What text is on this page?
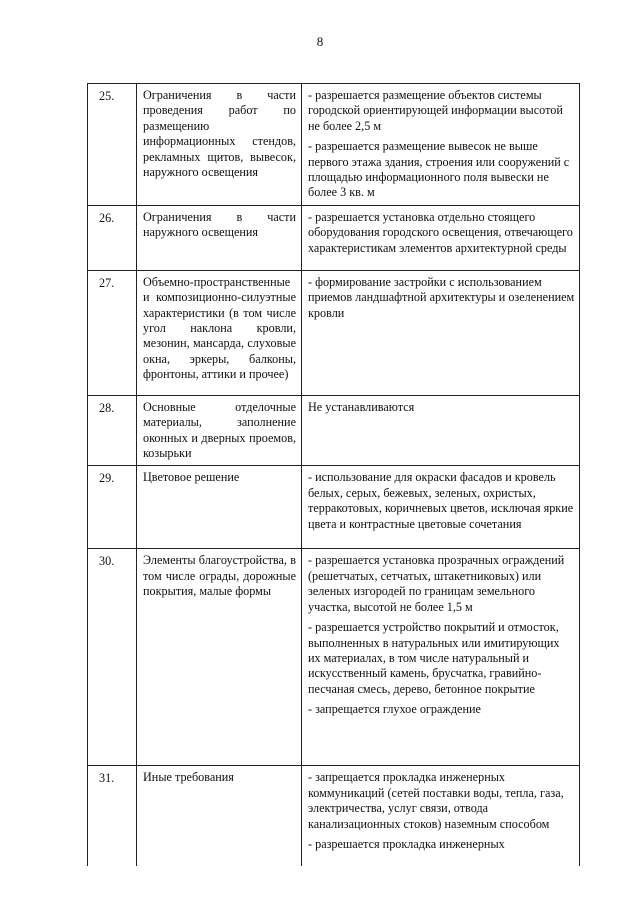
8
25.	Ограничения в части проведения работ по размещению информационных стендов, рекламных щитов, вывесок, наружного освещения	- разрешается размещение объектов системы городской ориентирующей информации высотой не более 2,5 м
- разрешается размещение вывесок не выше первого этажа здания, строения или сооружений с площадью информационного поля вывески не более 3 кв. м

26.	Ограничения в части наружного освещения	- разрешается установка отдельно стоящего оборудования городского освещения, отвечающего характеристикам элементов архитектурной среды

27.	Объемно-пространственные и композиционно-силуэтные характеристики (в том числе угол наклона кровли, мезонин, мансарда, слуховые окна, эркеры, балконы, фронтоны, аттики и прочее)	- формирование застройки с использованием приемов ландшафтной архитектуры и озеленением кровли

28.	Основные отделочные материалы, заполнение оконных и дверных проемов, козырьки	Не устанавливаются

29.	Цветовое решение	- использование для окраски фасадов и кровель белых, серых, бежевых, зеленых, охристых, терракотовых, коричневых цветов, исключая яркие цвета и контрастные цветовые сочетания

30.	Элементы благоустройства, в том числе ограды, дорожные покрытия, малые формы	- разрешается установка прозрачных ограждений (решетчатых, сетчатых, штакетниковых) или зеленых изгородей по границам земельного участка, высотой не более 1,5 м
- разрешается устройство покрытий и отмосток, выполненных в натуральных или имитирующих их материалах, в том числе натуральный и искусственный камень, брусчатка, гравийно-песчаная смесь, дерево, бетонное покрытие
- запрещается глухое ограждение

31.	Иные требования	- запрещается прокладка инженерных коммуникаций (сетей поставки воды, тепла, газа, электричества, услуг связи, отвода канализационных стоков) наземным способом
- разрешается прокладка инженерных
